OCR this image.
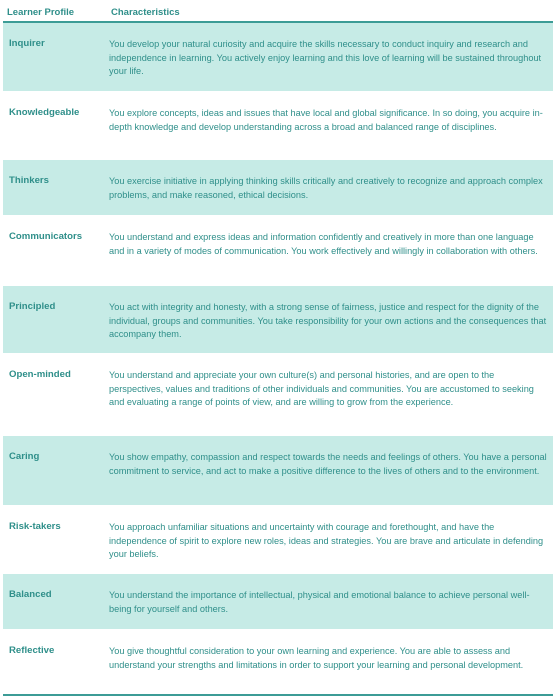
Learner Profile	Characteristics
Inquirer	You develop your natural curiosity and acquire the skills necessary to conduct inquiry and research and independence in learning. You actively enjoy learning and this love of learning will be sustained throughout your life.
Knowledgeable	You explore concepts, ideas and issues that have local and global significance. In so doing, you acquire in-depth knowledge and develop understanding across a broad and balanced range of disciplines.
Thinkers	You exercise initiative in applying thinking skills critically and creatively to recognize and approach complex problems, and make reasoned, ethical decisions.
Communicators	You understand and express ideas and information confidently and creatively in more than one language and in a variety of modes of communication. You work effectively and willingly in collaboration with others.
Principled	You act with integrity and honesty, with a strong sense of fairness, justice and respect for the dignity of the individual, groups and communities. You take responsibility for your own actions and the consequences that accompany them.
Open-minded	You understand and appreciate your own culture(s) and personal histories, and are open to the perspectives, values and traditions of other individuals and communities. You are accustomed to seeking and evaluating a range of points of view, and are willing to grow from the experience.
Caring	You show empathy, compassion and respect towards the needs and feelings of others. You have a personal commitment to service, and act to make a positive difference to the lives of others and to the environment.
Risk-takers	You approach unfamiliar situations and uncertainty with courage and forethought, and have the independence of spirit to explore new roles, ideas and strategies. You are brave and articulate in defending your beliefs.
Balanced	You understand the importance of intellectual, physical and emotional balance to achieve personal well-being for yourself and others.
Reflective	You give thoughtful consideration to your own learning and experience. You are able to assess and understand your strengths and limitations in order to support your learning and personal development.
